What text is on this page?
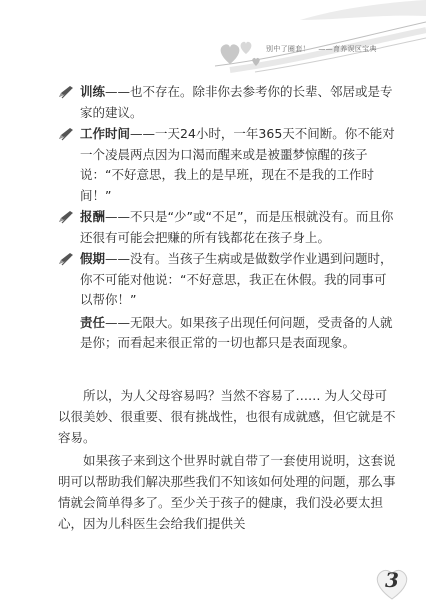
别中了圈套！ ——育养误区宝典
训练——也不存在。除非你去参考你的长辈、邻居或是专家的建议。
工作时间——一天24小时，一年365天不间断。你不能对一个凌晨两点因为口渴而醒来或是被噩梦惊醒的孩子说：“不好意思，我上的是早班，现在不是我的工作时间！”
报酬——不只是“少”或“不足”，而是压根就没有。而且你还很有可能会把赚的所有钱都花在孩子身上。
假期——没有。当孩子生病或是做数学作业遇到问题时，你不可能对他说：“不好意思，我正在休假。我的同事可以帮你！”
责任——无限大。如果孩子出现任何问题，受责备的人就是你；而看起来很正常的一切也都只是表面现象。

所以，为人父母容易吗？当然不容易了…… 为人父母可以很美妙、很重要、很有挑战性，也很有成就感，但它就是不容易。

如果孩子来到这个世界时就自带了一套使用说明，这套说明可以帮助我们解决那些我们不知该如何处理的问题，那么事情就会简单得多了。至少关于孩子的健康，我们没必要太担心，因为儿科医生会给我们提供关

3
